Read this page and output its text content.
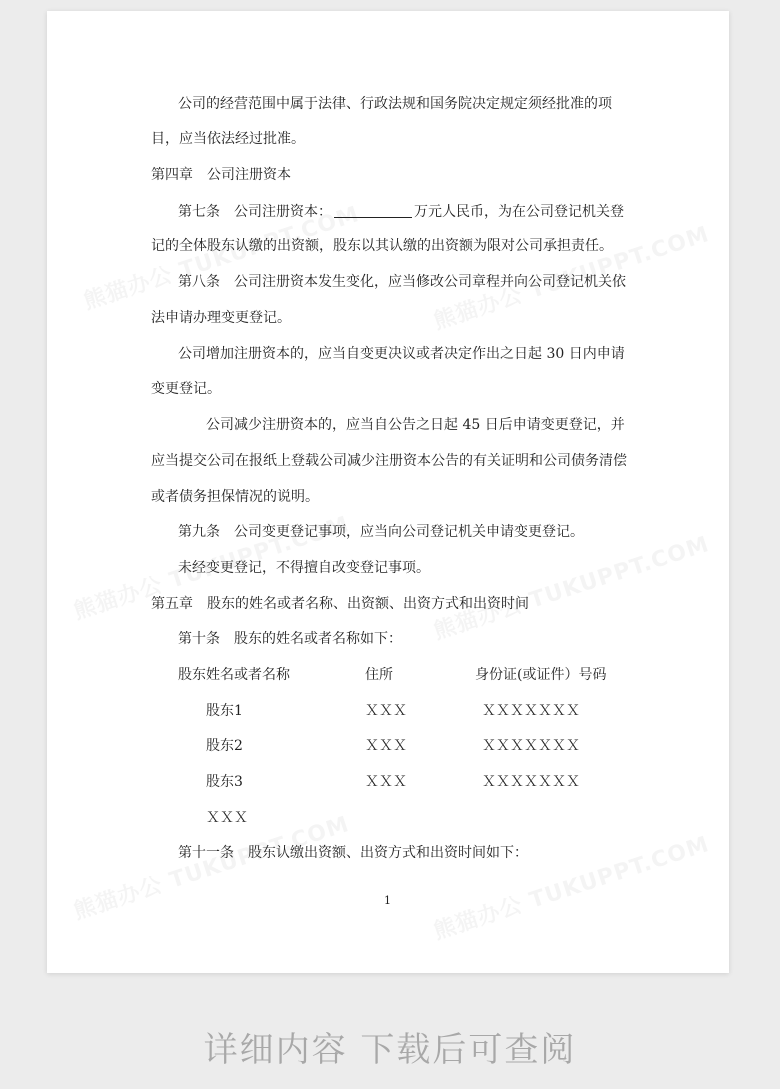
公司的经营范围中属于法律、行政法规和国务院决定规定须经批准的项
目，应当依法经过批准。
第四章　公司注册资本
第七条　公司注册资本：	万元人民币，为在公司登记机关登
记的全体股东认缴的出资额，股东以其认缴的出资额为限对公司承担责任。
第八条　公司注册资本发生变化，应当修改公司章程并向公司登记机关依
法申请办理变更登记。
公司增加注册资本的，应当自变更决议或者决定作出之日起 30 日内申请
变更登记。
公司减少注册资本的，应当自公告之日起 45 日后申请变更登记，并
应当提交公司在报纸上登载公司减少注册资本公告的有关证明和公司债务清偿
或者债务担保情况的说明。
第九条　公司变更登记事项，应当向公司登记机关申请变更登记。
未经变更登记，不得擅自改变登记事项。
第五章　股东的姓名或者名称、出资额、出资方式和出资时间
第十条　股东的姓名或者名称如下：
股东姓名或者名称	住所	身份证(或证件）号码
股东1	ＸＸＸ	ＸＸＸＸＸＸＸ
股东2	ＸＸＸ	ＸＸＸＸＸＸＸ
股东3	ＸＸＸ	ＸＸＸＸＸＸＸ
ＸＸＸ
第十一条　股东认缴出资额、出资方式和出资时间如下：
1
详细内容 下载后可查阅
